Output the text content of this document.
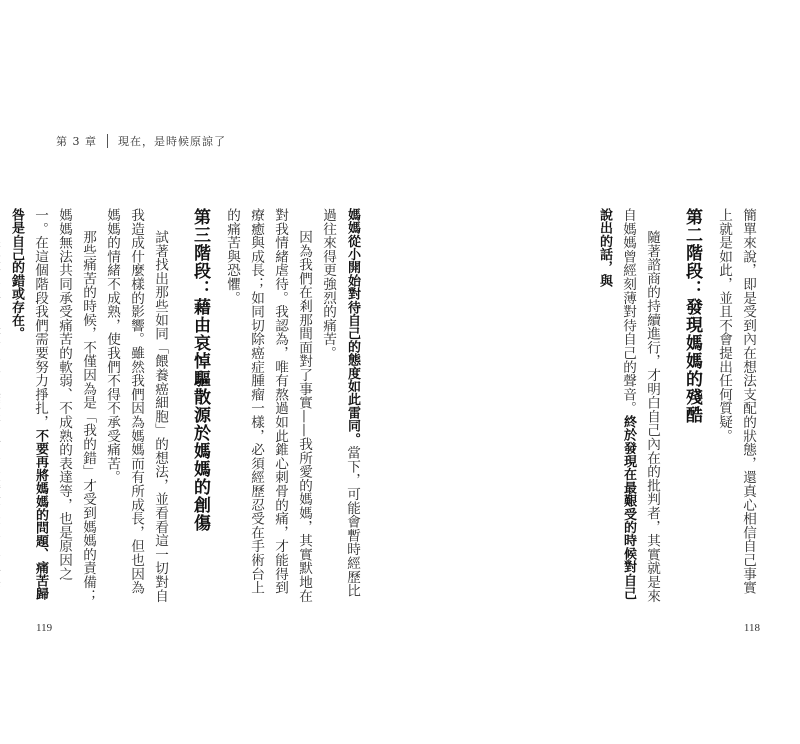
第 3 章 現在，是時候原諒了

媽媽從小開始對待自己的態度如此雷同。當下，可能會暫時經歷比過往來得更強烈的痛苦。

因為我們在剎那間面對了事實——我所愛的媽媽，其實默地在對我情緒虐待。我認為，唯有熬過如此錐心刺骨的痛，才能得到療癒與成長；如同切除癌症腫瘤一樣，必須經歷忍受在手術台上的痛苦與恐懼。

第三階段：藉由哀悼驅散源於媽媽的創傷

試著找出那些如同「餵養癌細胞」的想法，並看看這一切對自我造成什麼樣的影響。雖然我們因為媽媽而有所成長，但也因為媽媽的情緒不成熟，使我們不得不承受痛苦。

那些痛苦的時候，不僅因為是「我的錯」才受到媽媽的責備；媽媽無法共同承受痛苦的軟弱、不成熟的表達等，也是原因之一。在這個階段我們需要努力掙扎，不要再將媽媽的問題、痛苦歸咎是自己的錯或存在。

119

簡單來說，即是受到內在想法支配的狀態，還真心相信自己事實上就是如此，並且不會提出任何質疑。

第二階段：發現媽媽的殘酷

隨著諮商的持續進行，才明白自己內在的批判者，其實就是來自媽媽曾經刻薄對待自己的聲音。終於發現在最艱受的時候對自己說出的話，與

118
